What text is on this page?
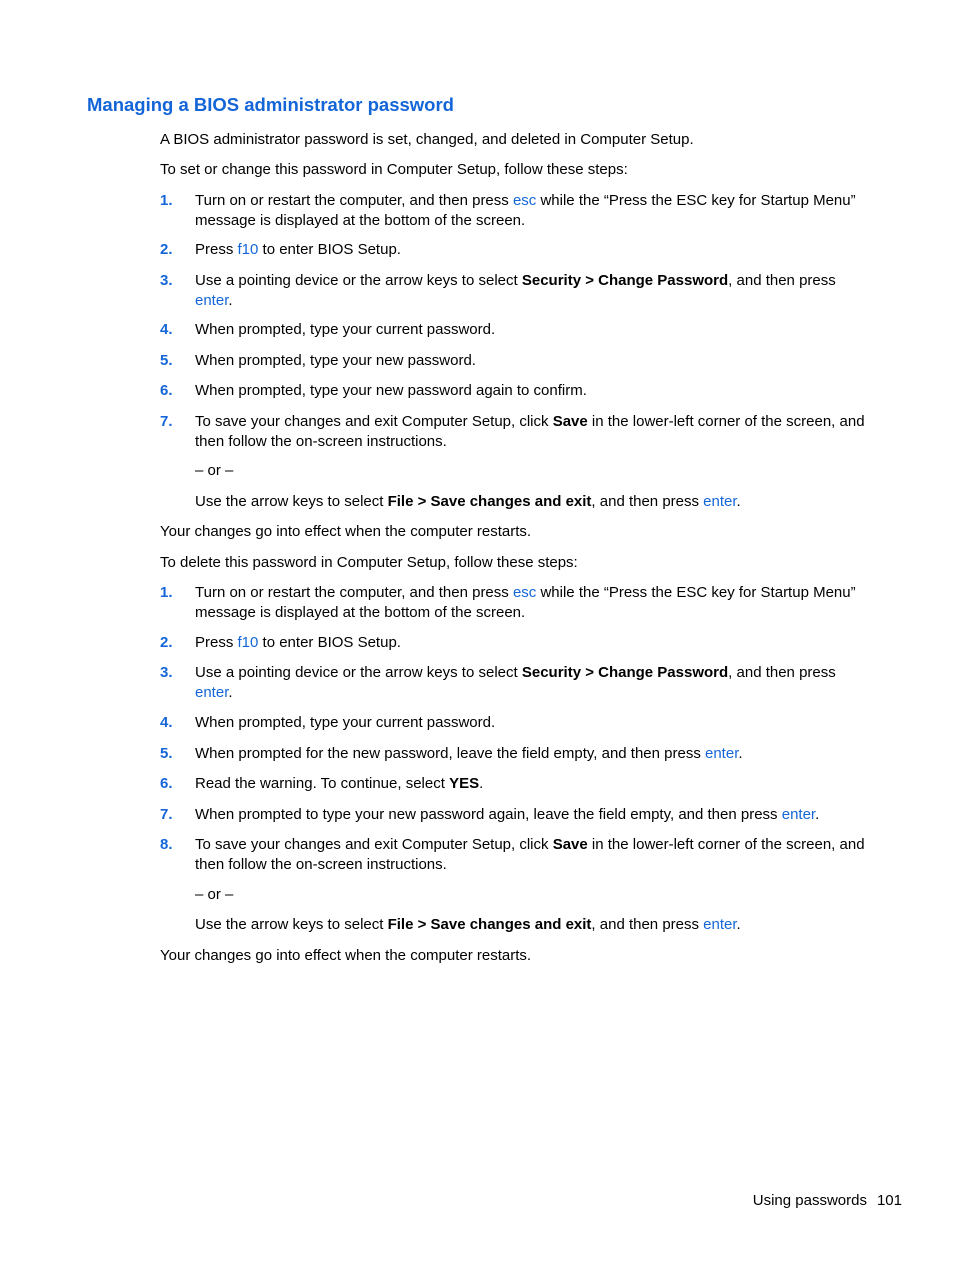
Managing a BIOS administrator password

A BIOS administrator password is set, changed, and deleted in Computer Setup.

To set or change this password in Computer Setup, follow these steps:

1. Turn on or restart the computer, and then press esc while the “Press the ESC key for Startup Menu” message is displayed at the bottom of the screen.
2. Press f10 to enter BIOS Setup.
3. Use a pointing device or the arrow keys to select Security > Change Password, and then press
enter.
4. When prompted, type your current password.
5. When prompted, type your new password.
6. When prompted, type your new password again to confirm.
7. To save your changes and exit Computer Setup, click Save in the lower-left corner of the screen, and then follow the on-screen instructions.

– or –

Use the arrow keys to select File > Save changes and exit, and then press enter.

Your changes go into effect when the computer restarts.

To delete this password in Computer Setup, follow these steps:

1. Turn on or restart the computer, and then press esc while the “Press the ESC key for Startup Menu” message is displayed at the bottom of the screen.
2. Press f10 to enter BIOS Setup.
3. Use a pointing device or the arrow keys to select Security > Change Password, and then press
enter.
4. When prompted, type your current password.
5. When prompted for the new password, leave the field empty, and then press enter.
6. Read the warning. To continue, select YES.
7. When prompted to type your new password again, leave the field empty, and then press enter.
8. To save your changes and exit Computer Setup, click Save in the lower-left corner of the screen, and then follow the on-screen instructions.

– or –

Use the arrow keys to select File > Save changes and exit, and then press enter.

Your changes go into effect when the computer restarts.

Using passwords 101
